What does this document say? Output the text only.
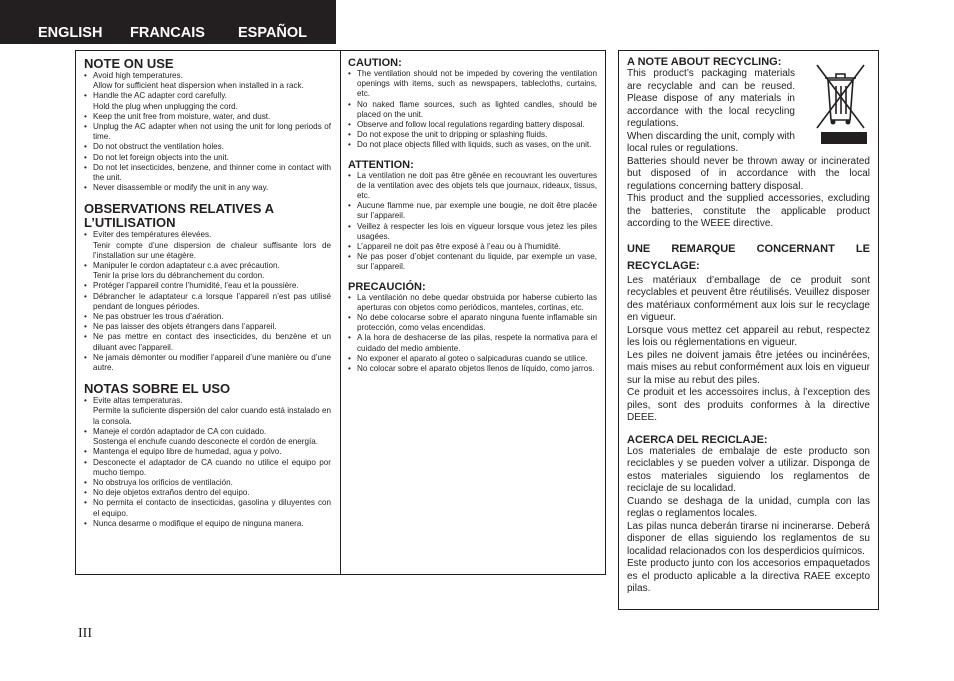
ENGLISH FRANCAIS ESPAÑOL
NOTE ON USE
• Avoid high temperatures.
Allow for sufficient heat dispersion when installed in a rack.
• Handle the AC adapter cord carefully.
Hold the plug when unplugging the cord.
• Keep the unit free from moisture, water, and dust.
• Unplug the AC adapter when not using the unit for long periods of time.
• Do not obstruct the ventilation holes.
• Do not let foreign objects into the unit.
• Do not let insecticides, benzene, and thinner come in contact with the unit.
• Never disassemble or modify the unit in any way.
OBSERVATIONS RELATIVES A L’UTILISATION
• Eviter des températures élevées.
Tenir compte d’une dispersion de chaleur suffisante lors de l’installation sur une étagère.
• Manipuler le cordon adaptateur c.a avec précaution.
Tenir la prise lors du débranchement du cordon.
• Protéger l’appareil contre l’humidité, l’eau et la poussière.
• Débrancher le adaptateur c.a lorsque l’appareil n’est pas utilisé pendant de longues périodes.
• Ne pas obstruer les trous d’aération.
• Ne pas laisser des objets étrangers dans l’appareil.
• Ne pas mettre en contact des insecticides, du benzène et un diluant avec l’appareil.
• Ne jamais démonter ou modifier l’appareil d’une manière ou d’une autre.
NOTAS SOBRE EL USO
• Evite altas temperaturas.
Permite la suficiente dispersión del calor cuando está instalado en la consola.
• Maneje el cordón adaptador de CA con cuidado.
Sostenga el enchufe cuando desconecte el cordón de energía.
• Mantenga el equipo libre de humedad, agua y polvo.
• Desconecte el adaptador de CA cuando no utilice el equipo por mucho tiempo.
• No obstruya los orificios de ventilación.
• No deje objetos extraños dentro del equipo.
• No permita el contacto de insecticidas, gasolina y diluyentes con el equipo.
• Nunca desarme o modifique el equipo de ninguna manera.
CAUTION:
• The ventilation should not be impeded by covering the ventilation openings with items, such as newspapers, tablecloths, curtains, etc.
• No naked flame sources, such as lighted candles, should be placed on the unit.
• Observe and follow local regulations regarding battery disposal.
• Do not expose the unit to dripping or splashing fluids.
• Do not place objects filled with liquids, such as vases, on the unit.
ATTENTION:
• La ventilation ne doit pas être gênée en recouvrant les ouvertures de la ventilation avec des objets tels que journaux, rideaux, tissus, etc.
• Aucune flamme nue, par exemple une bougie, ne doit être placée sur l’appareil.
• Veillez à respecter les lois en vigueur lorsque vous jetez les piles usagées.
• L’appareil ne doit pas être exposé à l’eau ou à l’humidité.
• Ne pas poser d’objet contenant du liquide, par exemple un vase, sur l’appareil.
PRECAUCIÓN:
• La ventilación no debe quedar obstruida por haberse cubierto las aperturas con objetos como periódicos, manteles, cortinas, etc.
• No debe colocarse sobre el aparato ninguna fuente inflamable sin protección, como velas encendidas.
• A la hora de deshacerse de las pilas, respete la normativa para el cuidado del medio ambiente.
• No exponer el aparato al goteo o salpicaduras cuando se utilice.
• No colocar sobre el aparato objetos llenos de líquido, como jarros.
A NOTE ABOUT RECYCLING:

This product’s packaging materials are recyclable and can be reused. Please dispose of any materials in accordance with the local recycling regulations.

When discarding the unit, comply with local rules or regulations.

Batteries should never be thrown away or incinerated but disposed of in accordance with the local regulations concerning battery disposal.

This product and the supplied accessories, excluding the batteries, constitute the applicable product according to the WEEE directive.

UNE REMARQUE CONCERNANT LE RECYCLAGE:

Les matériaux d’emballage de ce produit sont recyclables et peuvent être réutilisés. Veuillez disposer des matériaux conformément aux lois sur le recyclage en vigueur.

Lorsque vous mettez cet appareil au rebut, respectez les lois ou réglementations en vigueur.

Les piles ne doivent jamais être jetées ou incinérées, mais mises au rebut conformément aux lois en vigueur sur la mise au rebut des piles.

Ce produit et les accessoires inclus, à l’exception des piles, sont des produits conformes à la directive DEEE.

ACERCA DEL RECICLAJE:

Los materiales de embalaje de este producto son reciclables y se pueden volver a utilizar. Disponga de estos materiales siguiendo los reglamentos de reciclaje de su localidad.

Cuando se deshaga de la unidad, cumpla con las reglas o reglamentos locales.

Las pilas nunca deberán tirarse ni incinerarse. Deberá disponer de ellas siguiendo los reglamentos de su localidad relacionados con los desperdicios químicos.

Este producto junto con los accesorios empaquetados es el producto aplicable a la directiva RAEE excepto pilas.

III
